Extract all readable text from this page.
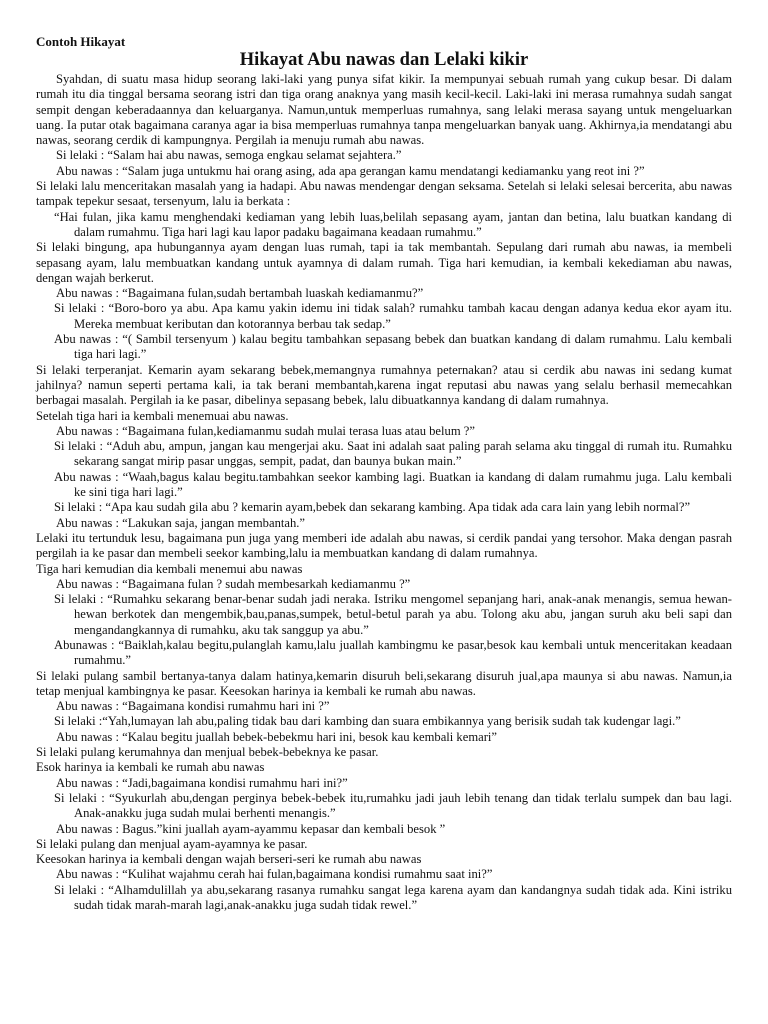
Contoh Hikayat

Hikayat Abu nawas dan Lelaki kikir

Syahdan, di suatu masa hidup seorang laki-laki yang punya sifat kikir. Ia mempunyai sebuah rumah yang cukup besar. Di dalam rumah itu dia tinggal bersama seorang istri dan tiga orang anaknya yang masih kecil-kecil. Laki-laki ini merasa rumahnya sudah sangat sempit dengan keberadaannya dan keluarganya. Namun,untuk memperluas rumahnya, sang lelaki merasa sayang untuk mengeluarkan uang. Ia putar otak bagaimana caranya agar ia bisa memperluas rumahnya tanpa mengeluarkan banyak uang. Akhirnya,ia mendatangi abu nawas, seorang cerdik di kampungnya. Pergilah ia menuju rumah abu nawas.

Si lelaki : “Salam hai abu nawas, semoga engkau selamat sejahtera.”

Abu nawas : “Salam juga untukmu hai orang asing, ada apa gerangan kamu mendatangi kediamanku yang reot ini ?”

Si lelaki lalu menceritakan masalah yang ia hadapi. Abu nawas mendengar dengan seksama. Setelah si lelaki selesai bercerita, abu nawas tampak tepekur sesaat, tersenyum, lalu ia berkata :

“Hai fulan, jika kamu menghendaki kediaman yang lebih luas,belilah sepasang ayam, jantan dan betina, lalu buatkan kandang di dalam rumahmu. Tiga hari lagi kau lapor padaku bagaimana keadaan rumahmu.”

Si lelaki bingung, apa hubungannya ayam dengan luas rumah, tapi ia tak membantah. Sepulang dari rumah abu nawas, ia membeli sepasang ayam, lalu membuatkan kandang untuk ayamnya di dalam rumah. Tiga hari kemudian, ia kembali kekediaman abu nawas, dengan wajah berkerut.

Abu nawas : “Bagaimana fulan,sudah bertambah luaskah kediamanmu?”

Si lelaki : “Boro-boro ya abu. Apa kamu yakin idemu ini tidak salah? rumahku tambah kacau dengan adanya kedua ekor ayam itu. Mereka membuat keributan dan kotorannya berbau tak sedap.”

Abu nawas : “( Sambil tersenyum ) kalau begitu tambahkan sepasang bebek dan buatkan kandang di dalam rumahmu. Lalu kembali tiga hari lagi.”

Si lelaki terperanjat. Kemarin ayam sekarang bebek,memangnya rumahnya peternakan? atau si cerdik abu nawas ini sedang kumat jahilnya? namun seperti pertama kali, ia tak berani membantah,karena ingat reputasi abu nawas yang selalu berhasil memecahkan berbagai masalah. Pergilah ia ke pasar, dibelinya sepasang bebek, lalu dibuatkannya kandang di dalam rumahnya.

Setelah tiga hari ia kembali menemuai abu nawas.

Abu nawas : “Bagaimana fulan,kediamanmu sudah mulai terasa luas atau belum ?”

Si lelaki : “Aduh abu, ampun, jangan kau mengerjai aku. Saat ini adalah saat paling parah selama aku tinggal di rumah itu. Rumahku sekarang sangat mirip pasar unggas, sempit, padat, dan baunya bukan main.”

Abu nawas : “Waah,bagus kalau begitu.tambahkan seekor kambing lagi. Buatkan ia kandang di dalam rumahmu juga. Lalu kembali ke sini tiga hari lagi.”

Si lelaki : “Apa kau sudah gila abu ? kemarin ayam,bebek dan sekarang kambing. Apa tidak ada cara lain yang lebih normal?”

Abu nawas : “Lakukan saja, jangan membantah.”

Lelaki itu tertunduk lesu, bagaimana pun juga yang memberi ide adalah abu nawas, si cerdik pandai yang tersohor. Maka dengan pasrah pergilah ia ke pasar dan membeli seekor kambing,lalu ia membuatkan kandang di dalam rumahnya.

Tiga hari kemudian dia kembali menemui abu nawas

Abu nawas : “Bagaimana fulan ? sudah membesarkah kediamanmu ?”

Si lelaki : “Rumahku sekarang benar-benar sudah jadi neraka. Istriku mengomel sepanjang hari, anak-anak menangis, semua hewan-hewan berkotek dan mengembik,bau,panas,sumpek, betul-betul parah ya abu. Tolong aku abu, jangan suruh aku beli sapi dan mengandangkannya di rumahku, aku tak sanggup ya abu.”

Abunawas : “Baiklah,kalau begitu,pulanglah kamu,lalu juallah kambingmu ke pasar,besok kau kembali untuk menceritakan keadaan rumahmu.”

Si lelaki pulang sambil bertanya-tanya dalam hatinya,kemarin disuruh beli,sekarang disuruh jual,apa maunya si abu nawas. Namun,ia tetap menjual kambingnya ke pasar. Keesokan harinya ia kembali ke rumah abu nawas.

Abu nawas : “Bagaimana kondisi rumahmu hari ini ?”

Si lelaki :“Yah,lumayan lah abu,paling tidak bau dari kambing dan suara embikannya yang berisik sudah tak kudengar lagi.”

Abu nawas : “Kalau begitu juallah bebek-bebekmu hari ini, besok kau kembali kemari”

Si lelaki pulang kerumahnya dan menjual bebek-bebeknya ke pasar.

Esok harinya ia kembali ke rumah abu nawas

Abu nawas : “Jadi,bagaimana kondisi rumahmu hari ini?”

Si lelaki : “Syukurlah abu,dengan perginya bebek-bebek itu,rumahku jadi jauh lebih tenang dan tidak terlalu sumpek dan bau lagi. Anak-anakku juga sudah mulai berhenti menangis.”

Abu nawas : Bagus.”kini juallah ayam-ayammu kepasar dan kembali besok ”

Si lelaki pulang dan menjual ayam-ayamnya ke pasar.

Keesokan harinya ia kembali dengan wajah berseri-seri ke rumah abu nawas

Abu nawas : “Kulihat wajahmu cerah hai fulan,bagaimana kondisi rumahmu saat ini?”

Si lelaki : “Alhamdulillah ya abu,sekarang rasanya rumahku sangat lega karena ayam dan kandangnya sudah tidak ada. Kini istriku sudah tidak marah-marah lagi,anak-anakku juga sudah tidak rewel.”
